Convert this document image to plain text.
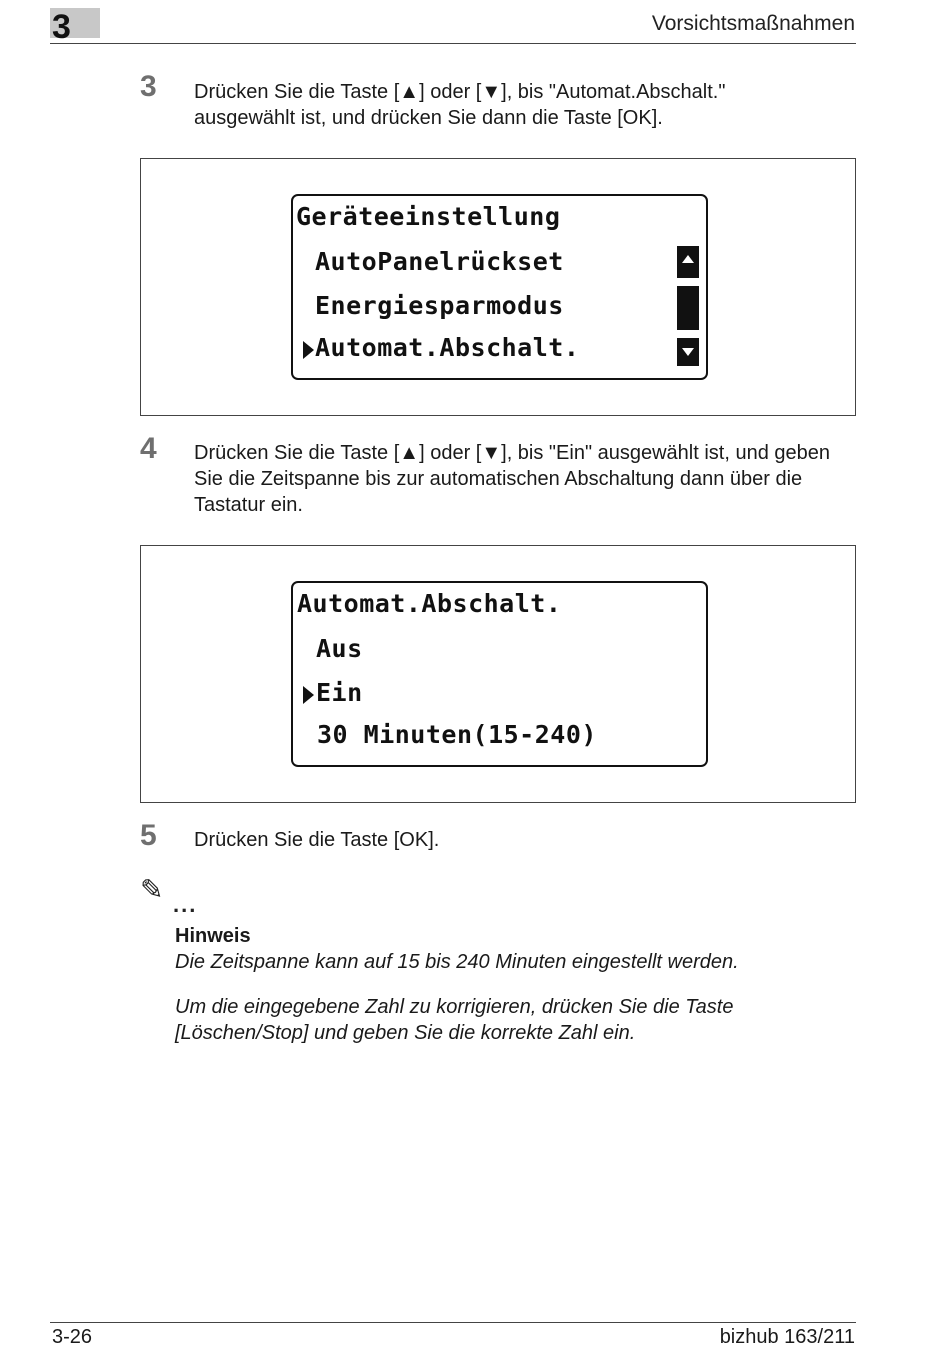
3	Vorsichtsmaßnahmen
3 Drücken Sie die Taste [▲] oder [▼], bis "Automat.Abschalt."
ausgewählt ist, und drücken Sie dann die Taste [OK].
Geräteeinstellung
AutoPanelrückset
Energiesparmodus
Automat.Abschalt.
4 Drücken Sie die Taste [▲] oder [▼], bis "Ein" ausgewählt ist, und geben
Sie die Zeitspanne bis zur automatischen Abschaltung dann über die
Tastatur ein.
Automat.Abschalt.
Aus
Ein
30 Minuten(15-240)
5 Drücken Sie die Taste [OK].
✎ ...
Hinweis
Die Zeitspanne kann auf 15 bis 240 Minuten eingestellt werden.
Um die eingegebene Zahl zu korrigieren, drücken Sie die Taste
[Löschen/Stop] und geben Sie die korrekte Zahl ein.
3-26	bizhub 163/211
